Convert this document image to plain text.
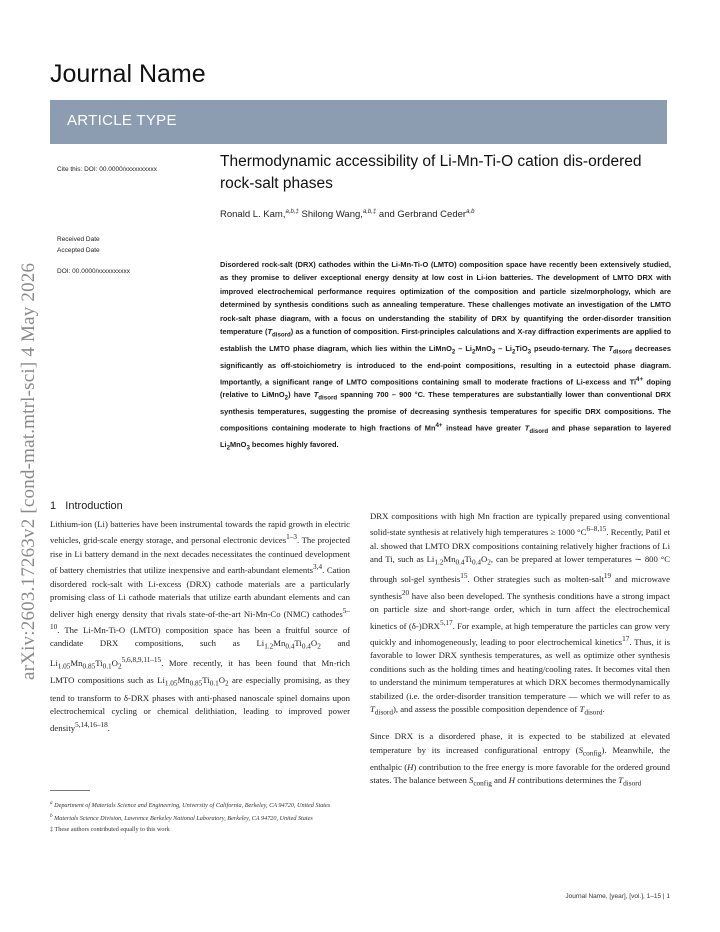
Journal Name
ARTICLE TYPE
arXiv:2603.17263v2 [cond-mat.mtrl-sci] 4 May 2026
Cite this: DOI: 00.0000/xxxxxxxxxx
Received Date
Accepted Date
DOI: 00.0000/xxxxxxxxxx
Thermodynamic accessibility of Li-Mn-Ti-O cation dis-ordered rock-salt phases
Ronald L. Kam,$^{a,b,\ddagger}$ Shilong Wang,$^{a,b,\ddagger}$ and Gerbrand Ceder$^{a,b}$
Disordered rock-salt (DRX) cathodes within the Li-Mn-Ti-O (LMTO) composition space have recently been extensively studied, as they promise to deliver exceptional energy density at low cost in Li-ion batteries. The development of LMTO DRX with improved electrochemical performance requires optimization of the composition and particle size/morphology, which are determined by synthesis conditions such as annealing temperature. These challenges motivate an investigation of the LMTO rock-salt phase diagram, with a focus on understanding the stability of DRX by quantifying the order-disorder transition temperature $(T_{disord})$ as a function of composition. First-principles calculations and X-ray diffraction experiments are applied to establish the LMTO phase diagram, which lies within the LiMnO$_2$ – $Li_2MnO_3 - Li_2TiO_3$ pseudo-ternary. The $T_{disord}$ decreases significantly as off-stoichiometry is introduced to the end-point compositions, resulting in a eutectoid phase diagram. Importantly, a significant range of LMTO compositions containing small to moderate fractions of Li-excess and $Ti^{4+}$ doping (relative to LiMnO$_2$) have $T_{disord}$ spanning 700 – 900 °C. These temperatures are substantially lower than conventional DRX synthesis temperatures, suggesting the promise of decreasing synthesis temperatures for specific DRX compositions. The compositions containing moderate to high fractions of $Mn^{4+}$ instead have greater $T_{disord}$ and phase separation to layered $Li_2MnO_3$ becomes highly favored.
1 Introduction

Lithium-ion (Li) batteries have been instrumental towards the rapid growth in electric vehicles, grid-scale energy storage, and personal electronic devices$^{1-3}$. The projected rise in Li battery demand in the next decades necessitates the continued development of battery chemistries that utilize inexpensive and earth-abundant elements$^{3,4}$. Cation disordered rock-salt with Li-excess (DRX) cathode materials are a particularly promising class of Li cathode materials that utilize earth abundant elements and can deliver high energy density that rivals state-of-the-art Ni-Mn-Co (NMC) cathodes$^{5-10}$. The Li-Mn-Ti-O (LMTO) composition space has been a fruitful source of candidate DRX compositions, such as $Li_{1.2}Mn_{0.4}Ti_{0.4}O_2$ and $Li_{1.05}Mn_{0.85}Ti_{0.1}O_2^{5,6,8,9,11-15}$. More recently, it has been found that Mn-rich LMTO compositions such as $Li_{1.05}Mn_{0.85}Ti_{0.1}O_2$ are especially promising, as they tend to transform to δ-DRX phases with anti-phased nanoscale spinel domains upon electrochemical cycling or chemical delithiation, leading to improved power density$^{5,14,16-18}$.

DRX compositions with high Mn fraction are typically prepared using conventional solid-state synthesis at relatively high temperatures ≥ 1000 $^\circ C^{6-8,15}$. Recently, Patil et al. showed that LMTO DRX compositions containing relatively higher fractions of Li and Ti, such as $Li_{1.2}Mn_{0.4}Ti_{0.4}O_2$, can be prepared at lower temperatures ∼ 800 °C through sol-gel synthesis$^{15}$. Other strategies such as molten-salt$^{19}$ and microwave synthesis$^{20}$ have also been developed. The synthesis conditions have a strong impact on particle size and short-range order, which in turn affect the electrochemical kinetics of (δ-)DRX$^{5,17}$. For example, at high temperature the particles can grow very quickly and inhomogeneously, leading to poor electrochemical kinetics$^{17}$. Thus, it is favorable to lower DRX synthesis temperatures, as well as optimize other synthesis conditions such as the holding times and heating/cooling rates. It becomes vital then to understand the minimum temperatures at which DRX becomes thermodynamically stabilized (i.e. the order-disorder transition temperature — which we will refer to as $T_{disord}$), and assess the possible composition dependence of $T_{disord}$.

Since DRX is a disordered phase, it is expected to be stabilized at elevated temperature by its increased configurational entropy $(S_{config})$. Meanwhile, the enthalpic (H) contribution to the free energy is more favorable for the ordered ground states. The balance between $S_{config}$ and H contributions determines the $T_{disord}$

$^a$ Department of Materials Science and Engineering, University of California, Berkeley, CA 94720, United States
$^b$ Materials Science Division, Lawrence Berkeley National Laboratory, Berkeley, CA 94720, United States
‡ These authors contributed equally to this work
Journal Name, [year], [vol.], 1–15 | 1
